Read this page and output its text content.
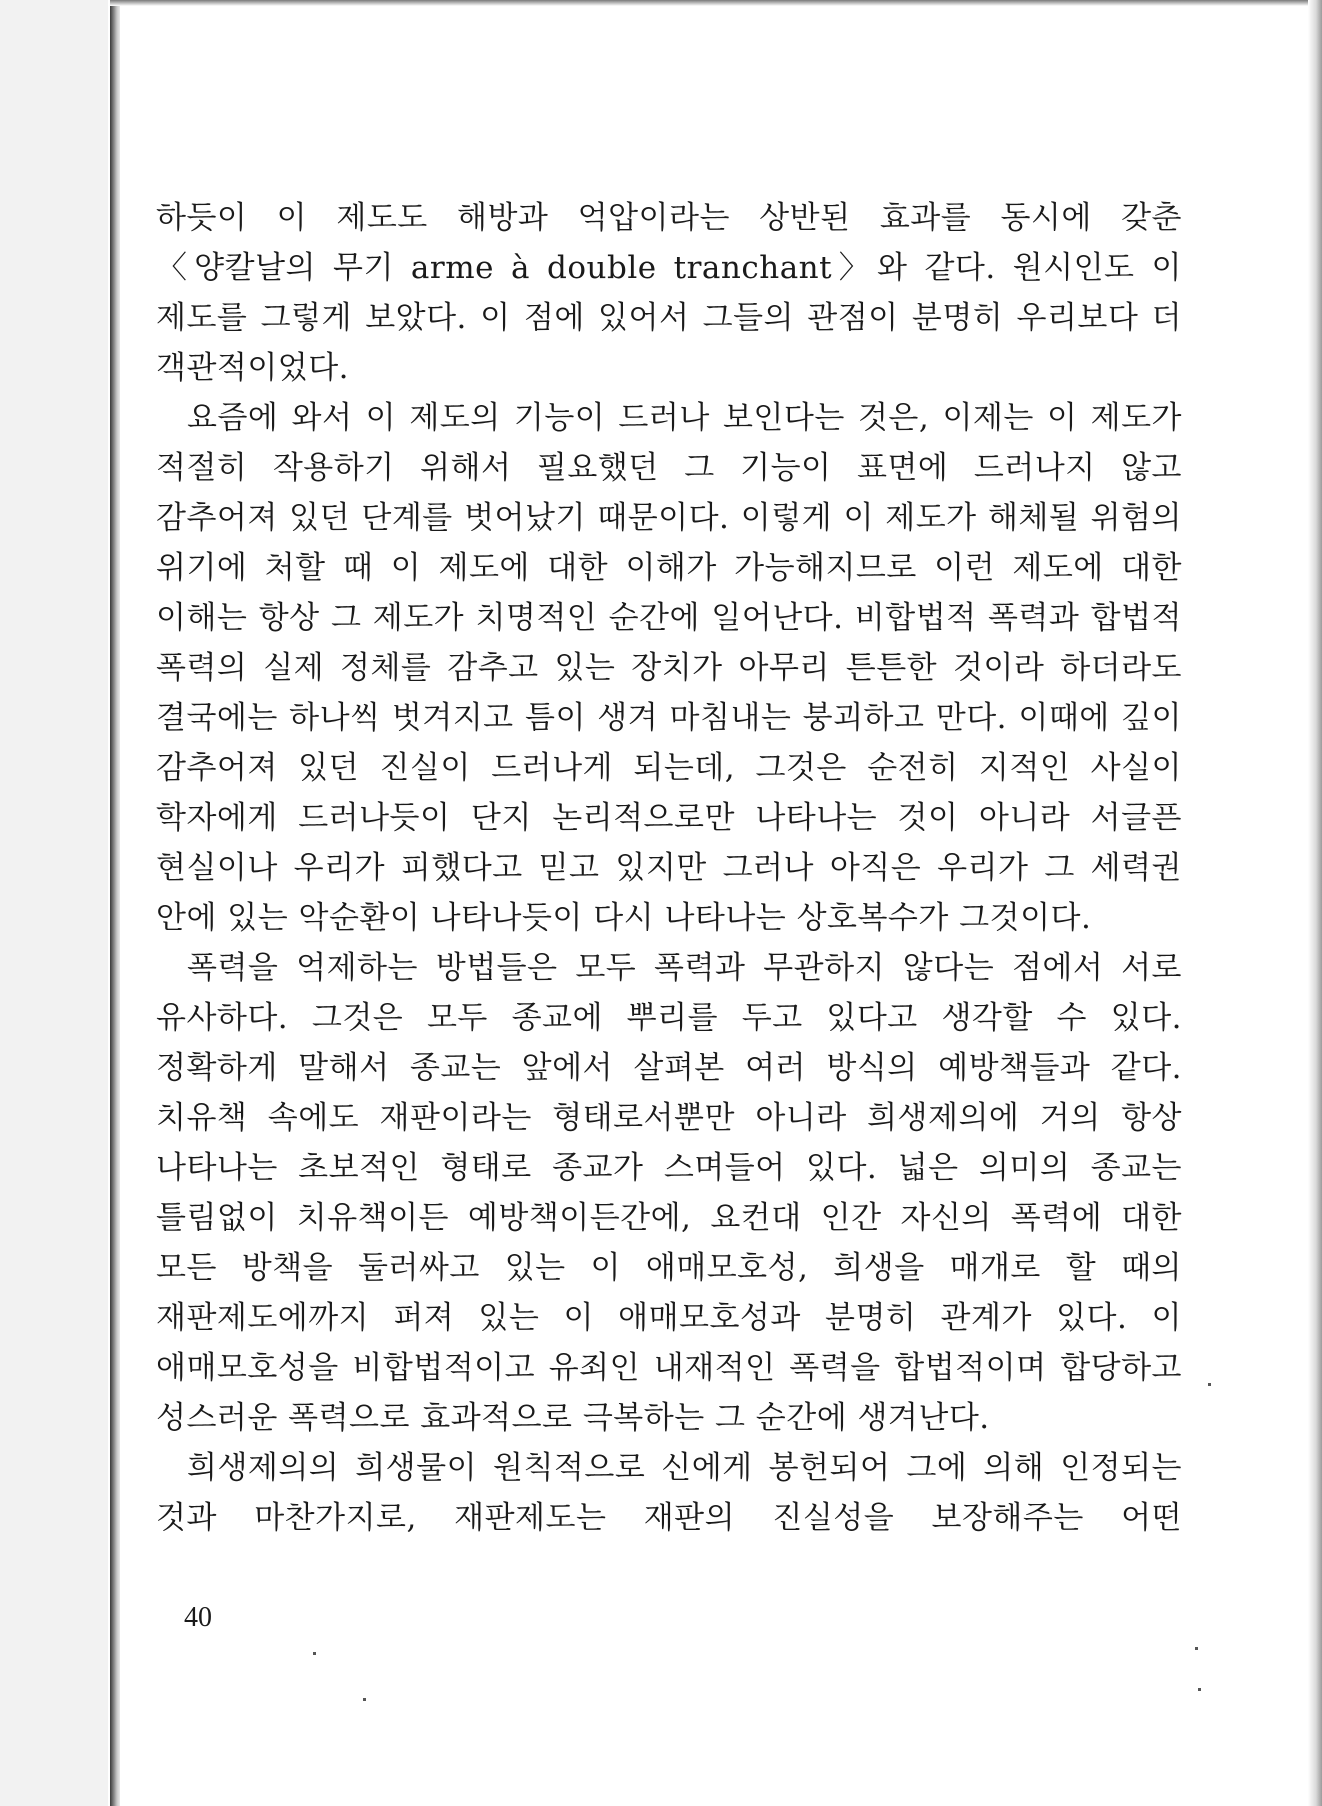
하듯이 이 제도도 해방과 억압이라는 상반된 효과를 동시에 갖춘 〈양칼날의 무기 arme à double tranchant〉와 같다. 원시인도 이 제도를 그렇게 보았다. 이 점에 있어서 그들의 관점이 분명히 우리보다 더 객관적이었다.

요즘에 와서 이 제도의 기능이 드러나 보인다는 것은, 이제는 이 제도가 적절히 작용하기 위해서 필요했던 그 기능이 표면에 드러나지 않고 감추어져 있던 단계를 벗어났기 때문이다. 이렇게 이 제도가 해체될 위험의 위기에 처할 때 이 제도에 대한 이해가 가능해지므로 이런 제도에 대한 이해는 항상 그 제도가 치명적인 순간에 일어난다. 비합법적 폭력과 합법적 폭력의 실제 정체를 감추고 있는 장치가 아무리 튼튼한 것이라 하더라도 결국에는 하나씩 벗겨지고 틈이 생겨 마침내는 붕괴하고 만다. 이때에 깊이 감추어져 있던 진실이 드러나게 되는데, 그것은 순전히 지적인 사실이 학자에게 드러나듯이 단지 논리적으로만 나타나는 것이 아니라 서글픈 현실이나 우리가 피했다고 믿고 있지만 그러나 아직은 우리가 그 세력권 안에 있는 악순환이 나타나듯이 다시 나타나는 상호복수가 그것이다.

폭력을 억제하는 방법들은 모두 폭력과 무관하지 않다는 점에서 서로 유사하다. 그것은 모두 종교에 뿌리를 두고 있다고 생각할 수 있다. 정확하게 말해서 종교는 앞에서 살펴본 여러 방식의 예방책들과 같다. 치유책 속에도 재판이라는 형태로서뿐만 아니라 희생제의에 거의 항상 나타나는 초보적인 형태로 종교가 스며들어 있다. 넓은 의미의 종교는 틀림없이 치유책이든 예방책이든간에, 요컨대 인간 자신의 폭력에 대한 모든 방책을 둘러싸고 있는 이 애매모호성, 희생을 매개로 할 때의 재판제도에까지 퍼져 있는 이 애매모호성과 분명히 관계가 있다. 이 애매모호성을 비합법적이고 유죄인 내재적인 폭력을 합법적이며 합당하고 성스러운 폭력으로 효과적으로 극복하는 그 순간에 생겨난다.

희생제의의 희생물이 원칙적으로 신에게 봉헌되어 그에 의해 인정되는 것과 마찬가지로, 재판제도는 재판의 진실성을 보장해주는 어떤

40
